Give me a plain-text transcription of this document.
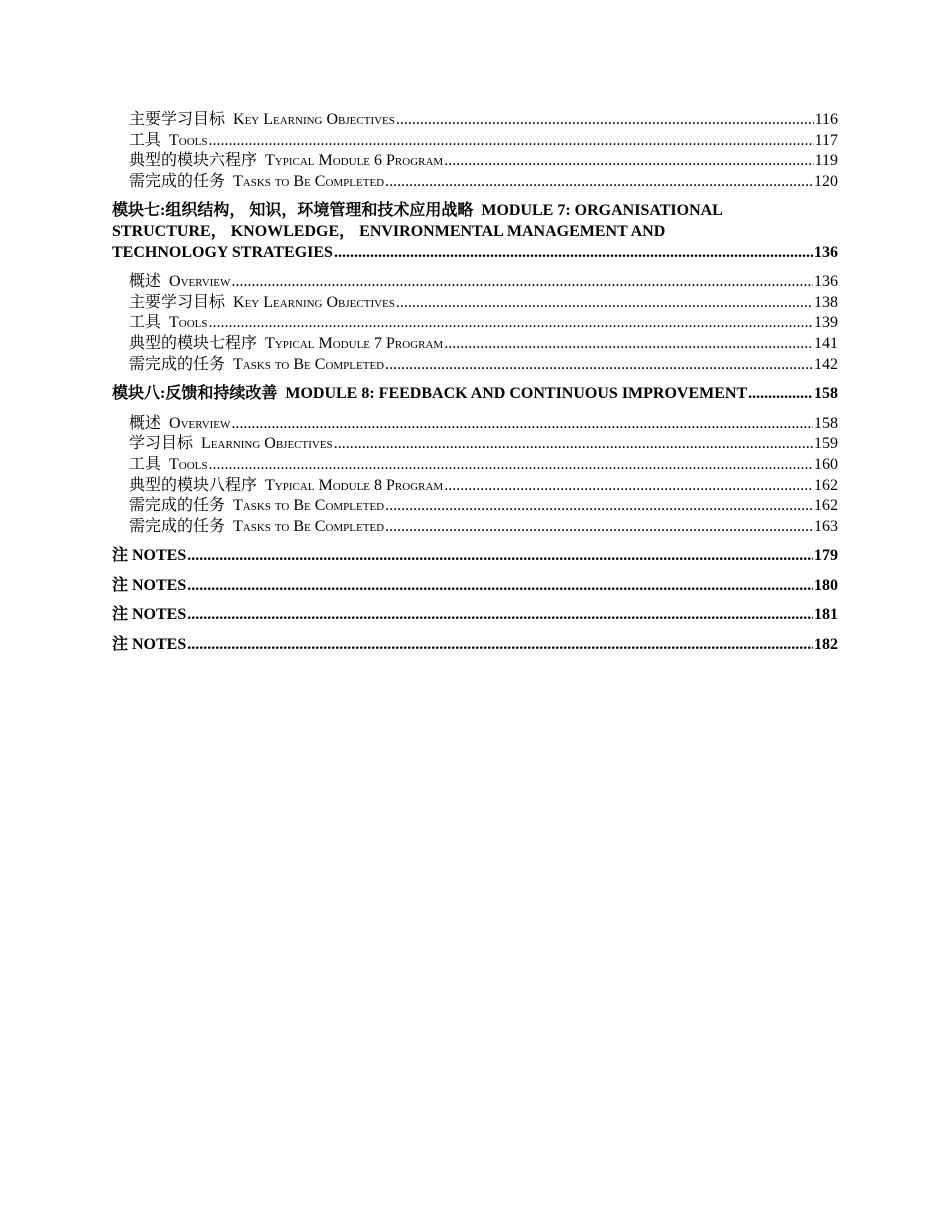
主要学习目标 Key Learning Objectives .....	116
工具 Tools .....	117
典型的模块六程序 Typical Module 6 Program .....	119
需完成的任务 Tasks to Be Completed .....	120
模块七:组织结构， 知识，环境管理和技术应用战略 MODULE 7: ORGANISATIONAL
STRUCTURE， KNOWLEDGE， ENVIRONMENTAL MANAGEMENT AND
TECHNOLOGY STRATEGIES .....	136
概述 Overview .....	136
主要学习目标 Key Learning Objectives .....	138
工具 Tools .....	139
典型的模块七程序 Typical Module 7 Program .....	141
需完成的任务 Tasks to Be Completed .....	142
模块八:反馈和持续改善 MODULE 8: FEEDBACK AND CONTINUOUS IMPROVEMENT .....	158
概述 Overview .....	158
学习目标 Learning Objectives .....	159
工具 Tools .....	160
典型的模块八程序 Typical Module 8 Program .....	162
需完成的任务 Tasks to Be Completed .....	162
需完成的任务 Tasks to Be Completed .....	163
注 NOTES .....	179
注 NOTES .....	180
注 NOTES .....	181
注 NOTES .....	182
